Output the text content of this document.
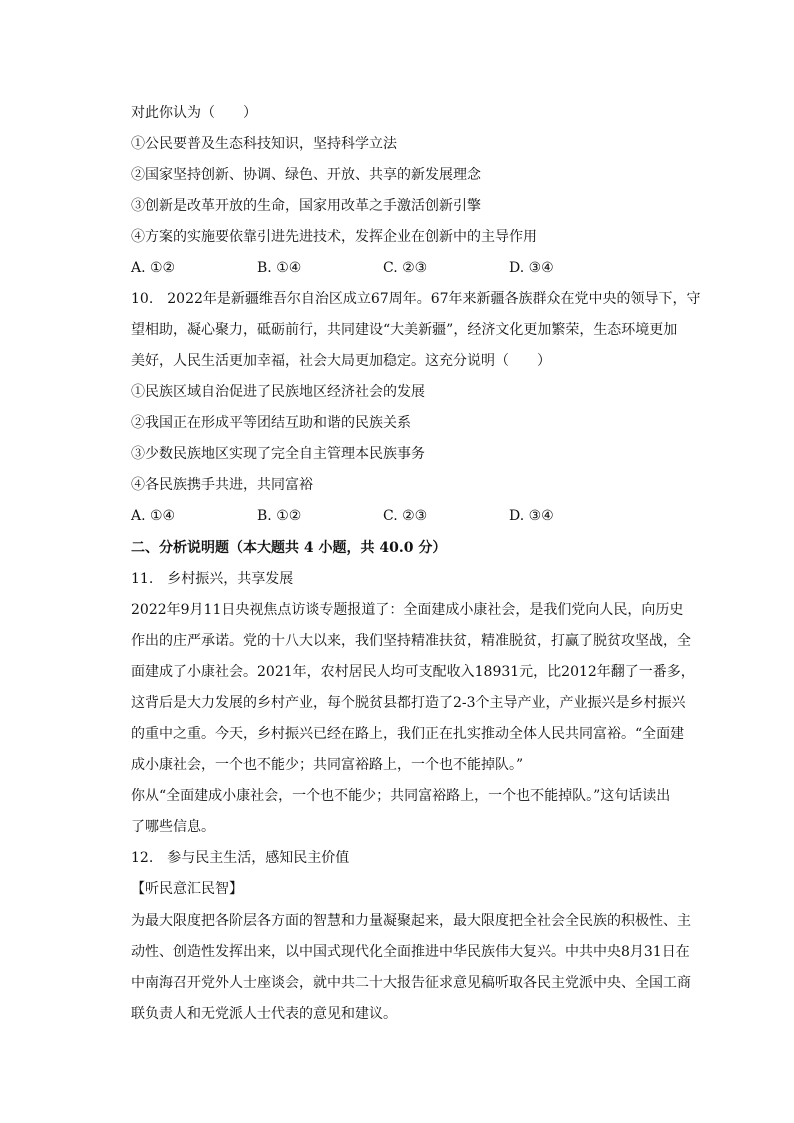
对此你认为（　　）
①公民要普及生态科技知识，坚持科学立法
②国家坚持创新、协调、绿色、开放、共享的新发展理念
③创新是改革开放的生命，国家用改革之手激活创新引擎
④方案的实施要依靠引进先进技术，发挥企业在创新中的主导作用
A. ①②	B. ①④	C. ②③	D. ③④
10.　2022年是新疆维吾尔自治区成立67周年。67年来新疆各族群众在党中央的领导下，守
望相助，凝心聚力，砥砺前行，共同建设“大美新疆”，经济文化更加繁荣，生态环境更加
美好，人民生活更加幸福，社会大局更加稳定。这充分说明（　　）
①民族区域自治促进了民族地区经济社会的发展
②我国正在形成平等团结互助和谐的民族关系
③少数民族地区实现了完全自主管理本民族事务
④各民族携手共进，共同富裕
A. ①④	B. ①②	C. ②③	D. ③④
二、分析说明题（本大题共 4 小题，共 40.0 分）
11.　乡村振兴，共享发展
2022年9月11日央视焦点访谈专题报道了：全面建成小康社会，是我们党向人民，向历史
作出的庄严承诺。党的十八大以来，我们坚持精准扶贫，精准脱贫，打赢了脱贫攻坚战，全
面建成了小康社会。2021年，农村居民人均可支配收入18931元，比2012年翻了一番多，
这背后是大力发展的乡村产业，每个脱贫县都打造了2-3个主导产业，产业振兴是乡村振兴
的重中之重。今天，乡村振兴已经在路上，我们正在扎实推动全体人民共同富裕。“全面建
成小康社会，一个也不能少；共同富裕路上，一个也不能掉队。”
你从“全面建成小康社会，一个也不能少；共同富裕路上，一个也不能掉队。”这句话读出
了哪些信息。
12.　参与民主生活，感知民主价值
【听民意汇民智】
为最大限度把各阶层各方面的智慧和力量凝聚起来，最大限度把全社会全民族的积极性、主
动性、创造性发挥出来，以中国式现代化全面推进中华民族伟大复兴。中共中央8月31日在
中南海召开党外人士座谈会，就中共二十大报告征求意见稿听取各民主党派中央、全国工商
联负责人和无党派人士代表的意见和建议。
